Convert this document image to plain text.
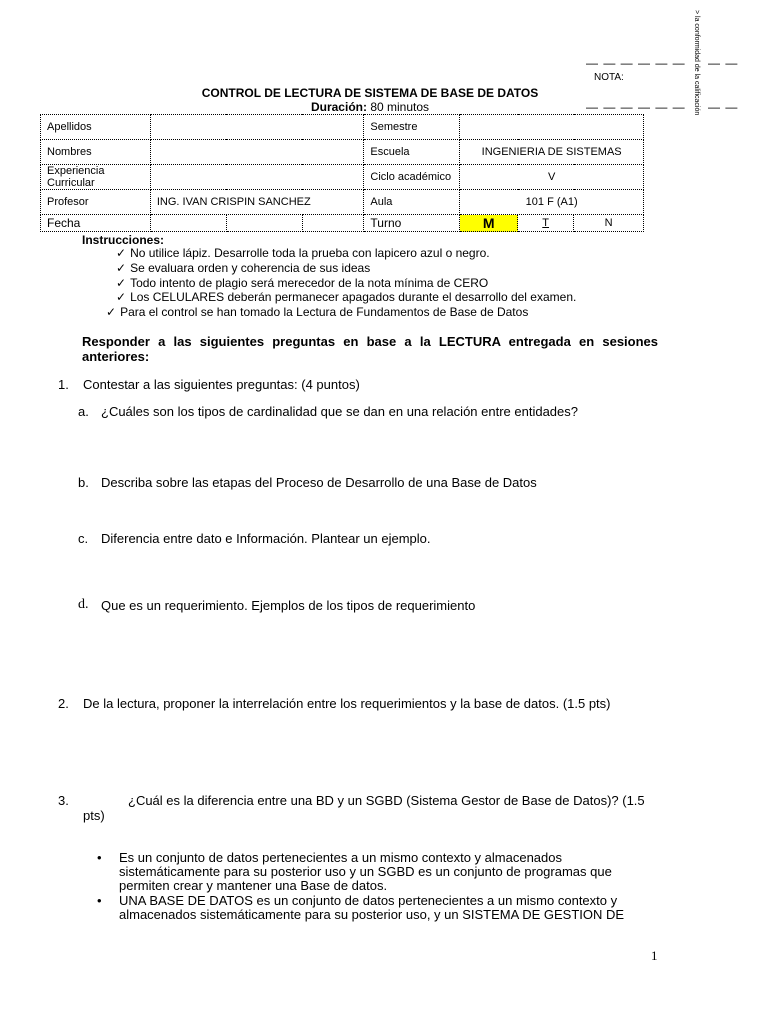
— — — — — — — —
NOTA:
— — — — — — — —
> la conformidad de la calificación
CONTROL DE LECTURA DE SISTEMA DE BASE DE DATOS
Duración: 80 minutos
Apellidos				Semestre			
Nombres				Escuela	INGENIERIA DE SISTEMAS		
Experiencia Curricular				Ciclo académico	V		
Profesor	ING. IVAN CRISPIN SANCHEZ			Aula	101 F (A1)		
Fecha				Turno	M	T	N
Instrucciones:
✓ No utilice lápiz. Desarrolle toda la prueba con lapicero azul o negro.
✓ Se evaluara orden y coherencia de sus ideas
✓ Todo intento de plagio será merecedor de la nota mínima de CERO
✓ Los CELULARES deberán permanecer apagados durante el desarrollo del examen.
✓ Para el control se han tomado la Lectura de Fundamentos de Base de Datos
Responder a las siguientes preguntas en base a la LECTURA entregada en sesiones anteriores:
1. Contestar a las siguientes preguntas: (4 puntos)
a. ¿Cuáles son los tipos de cardinalidad que se dan en una relación entre entidades?
b. Describa sobre las etapas del Proceso de Desarrollo de una Base de Datos
c. Diferencia entre dato e Información. Plantear un ejemplo.
d. Que es un requerimiento. Ejemplos de los tipos de requerimiento
2. De la lectura, proponer la interrelación entre los requerimientos y la base de datos. (1.5 pts)
3.	¿Cuál es la diferencia entre una BD y un SGBD (Sistema Gestor de Base de Datos)? (1.5
pts)
• Es un conjunto de datos pertenecientes a un mismo contexto y almacenados sistemáticamente para su posterior uso y un SGBD es un conjunto de programas que permiten crear y mantener una Base de datos.
• UNA BASE DE DATOS es un conjunto de datos pertenecientes a un mismo contexto y almacenados sistemáticamente para su posterior uso, y un SISTEMA DE GESTION DE
1
